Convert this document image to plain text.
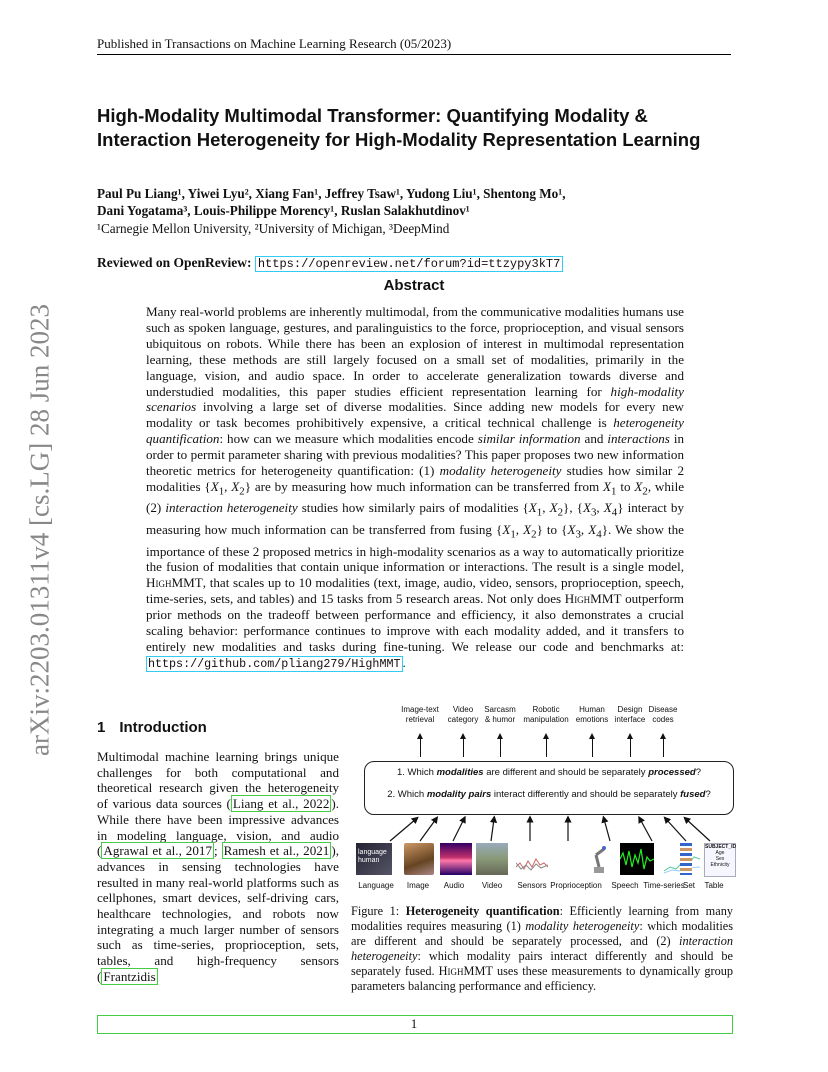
Published in Transactions on Machine Learning Research (05/2023)
High-Modality Multimodal Transformer: Quantifying Modality & Interaction Heterogeneity for High-Modality Representation Learning
Paul Pu Liang¹, Yiwei Lyu², Xiang Fan¹, Jeffrey Tsaw¹, Yudong Liu¹, Shentong Mo¹,
Dani Yogatama³, Louis-Philippe Morency¹, Ruslan Salakhutdinov¹
¹Carnegie Mellon University, ²University of Michigan, ³DeepMind
Reviewed on OpenReview: https://openreview.net/forum?id=ttzypy3kT7
arXiv:2203.01311v4 [cs.LG] 28 Jun 2023
Abstract
Many real-world problems are inherently multimodal, from the communicative modalities humans use such as spoken language, gestures, and paralinguistics to the force, proprioception, and visual sensors ubiquitous on robots. While there has been an explosion of interest in multimodal representation learning, these methods are still largely focused on a small set of modalities, primarily in the language, vision, and audio space. In order to accelerate generalization towards diverse and understudied modalities, this paper studies efficient representation learning for high-modality scenarios involving a large set of diverse modalities. Since adding new models for every new modality or task becomes prohibitively expensive, a critical technical challenge is heterogeneity quantification: how can we measure which modalities encode similar information and interactions in order to permit parameter sharing with previous modalities? This paper proposes two new information theoretic metrics for heterogeneity quantification: (1) modality heterogeneity studies how similar 2 modalities {$X_1$, $X_2$} are by measuring how much information can be transferred from $X_1$ to $X_2$, while (2) interaction heterogeneity studies how similarly pairs of modalities {$X_1$, $X_2$}, {$X_3$, $X_4$} interact by measuring how much information can be transferred from fusing {$X_1$, $X_2$} to {$X_3$, $X_4$}. We show the importance of these 2 proposed metrics in high-modality scenarios as a way to automatically prioritize the fusion of modalities that contain unique information or interactions. The result is a single model, HighMMT, that scales up to 10 modalities (text, image, audio, video, sensors, proprioception, speech, time-series, sets, and tables) and 15 tasks from 5 research areas. Not only does HighMMT outperform prior methods on the tradeoff between performance and efficiency, it also demonstrates a crucial scaling behavior: performance continues to improve with each modality added, and it transfers to entirely new modalities and tasks during fine-tuning. We release our code and benchmarks at: https://github.com/pliang279/HighMMT .
1 Introduction
Multimodal machine learning brings unique challenges for both computational and theoretical research given the heterogeneity of various data sources ( Liang et al., 2022 ). While there have been impressive advances in modeling language, vision, and audio ( Agrawal et al., 2017 ; Ramesh et al., 2021 ), advances in sensing technologies have resulted in many real-world platforms such as cellphones, smart devices, self-driving cars, healthcare technologies, and robots now integrating a much larger number of sensors such as time-series, proprioception, sets, tables, and high-frequency sensors ( Frantzidis
Image-text
retrieval
Video
category
Sarcasm
& humor
Robotic
manipulation
Human
emotions
Design
interface
Disease
codes
1. Which modalities are different and should be separately processed?
2. Which modality pairs interact differently and should be separately fused?
language human
SUBJECT_ID
Age
Sex
Ethnicity
Language Image Audio Video Sensors Proprioception Speech Time-series
Set Table
Figure 1: Heterogeneity quantification: Efficiently learning from many modalities requires measuring (1) modality heterogeneity: which modalities are different and should be separately processed, and (2) interaction heterogeneity: which modality pairs interact differently and should be separately fused. HighMMT uses these measurements to dynamically group parameters balancing performance and efficiency.
1
